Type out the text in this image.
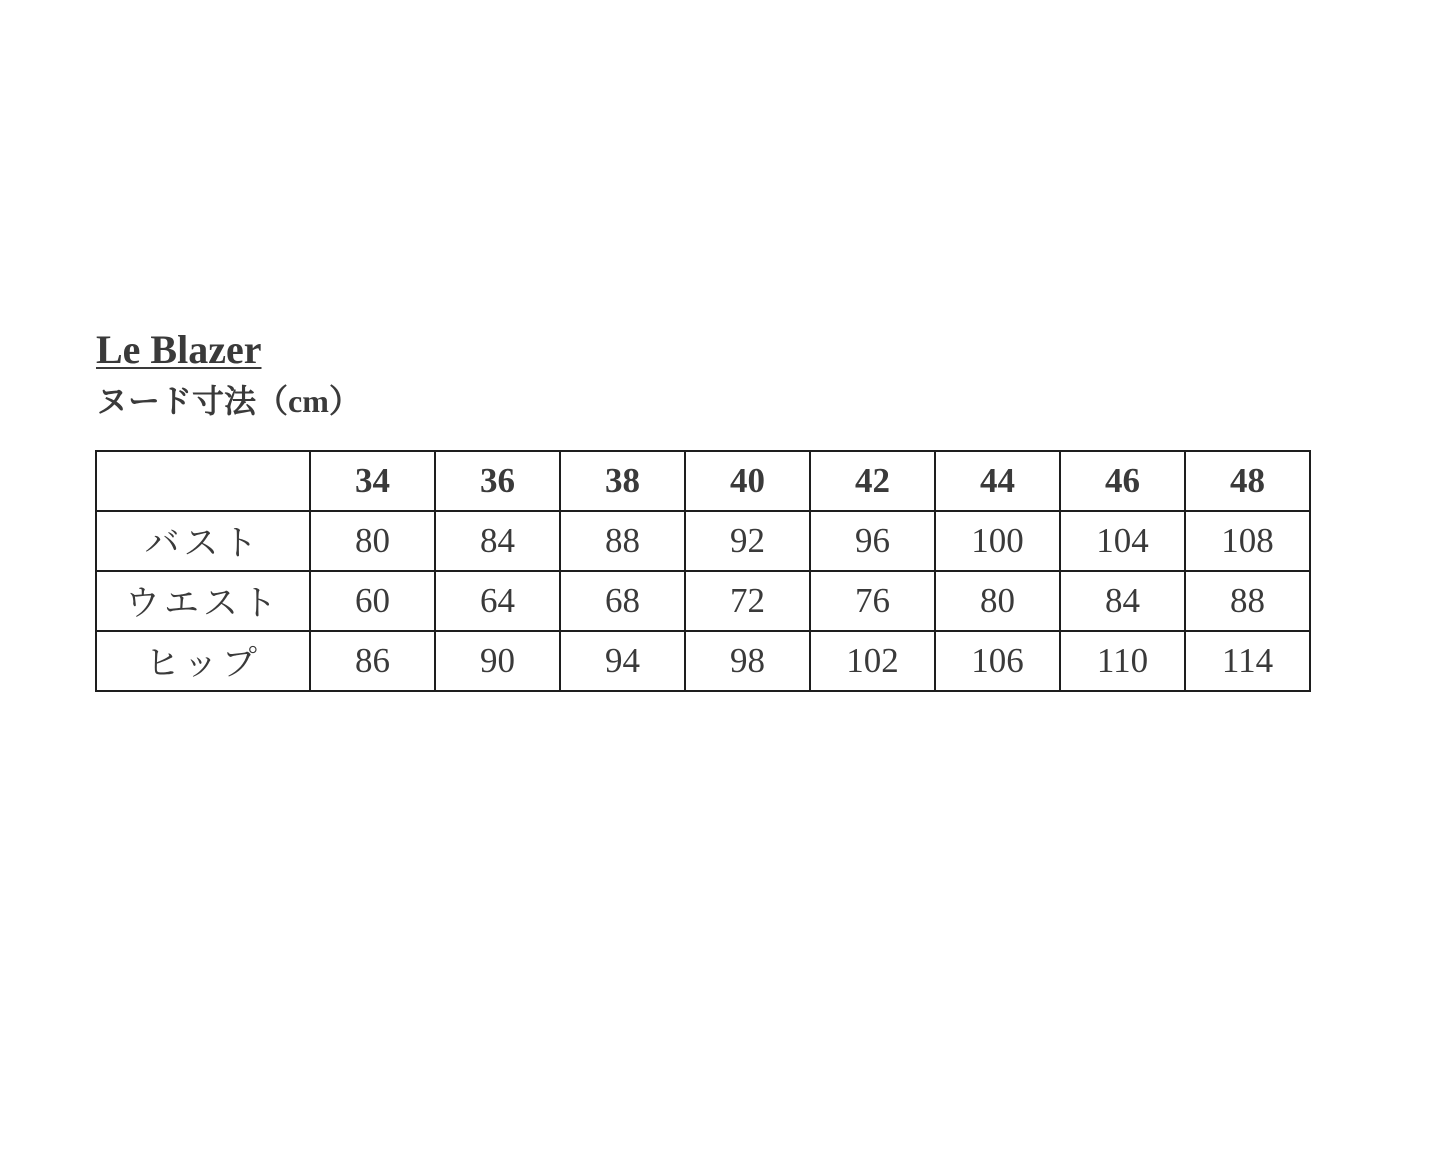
Le Blazer
ヌード寸法（cm）
	34	36	38	40	42	44	46	48
バスト	80	84	88	92	96	100	104	108
ウエスト	60	64	68	72	76	80	84	88
ヒップ	86	90	94	98	102	106	110	114
